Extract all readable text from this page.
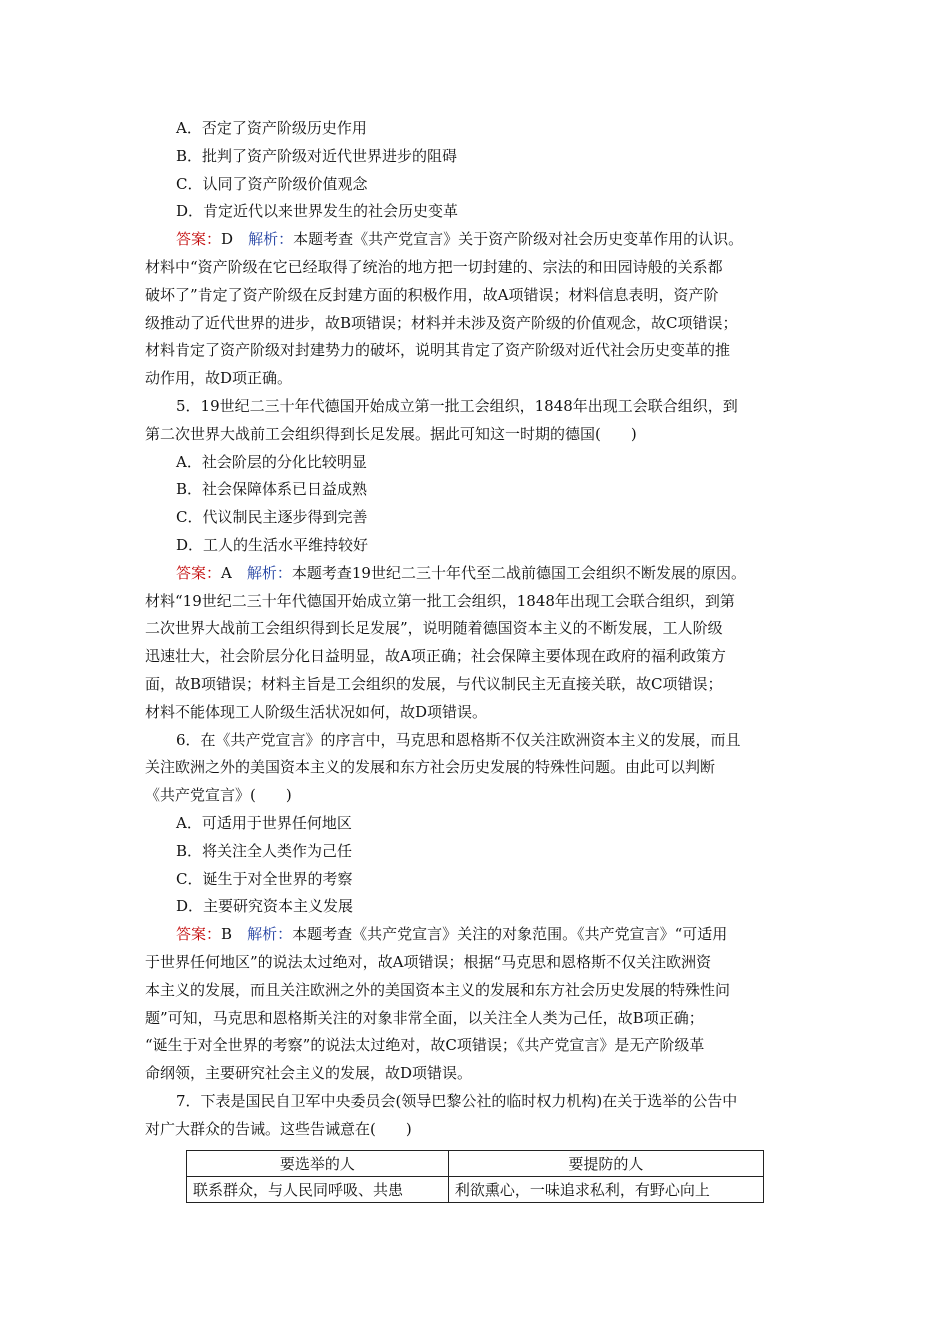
A．否定了资产阶级历史作用
B．批判了资产阶级对近代世界进步的阻碍
C．认同了资产阶级价值观念
D．肯定近代以来世界发生的社会历史变革
答案：D　 解析：本题考查《共产党宣言》关于资产阶级对社会历史变革作用的认识。
材料中“资产阶级在它已经取得了统治的地方把一切封建的、宗法的和田园诗般的关系都
破坏了”肯定了资产阶级在反封建方面的积极作用，故A项错误；材料信息表明，资产阶
级推动了近代世界的进步，故B项错误；材料并未涉及资产阶级的价值观念，故C项错误；
材料肯定了资产阶级对封建势力的破坏，说明其肯定了资产阶级对近代社会历史变革的推
动作用，故D项正确。
5．19世纪二三十年代德国开始成立第一批工会组织，1848年出现工会联合组织，到
第二次世界大战前工会组织得到长足发展。据此可知这一时期的德国(　　)
A．社会阶层的分化比较明显
B．社会保障体系已日益成熟
C．代议制民主逐步得到完善
D．工人的生活水平维持较好
答案：A　 解析：本题考查19世纪二三十年代至二战前德国工会组织不断发展的原因。
材料“19世纪二三十年代德国开始成立第一批工会组织，1848年出现工会联合组织，到第
二次世界大战前工会组织得到长足发展”，说明随着德国资本主义的不断发展，工人阶级
迅速壮大，社会阶层分化日益明显，故A项正确；社会保障主要体现在政府的福利政策方
面，故B项错误；材料主旨是工会组织的发展，与代议制民主无直接关联，故C项错误；
材料不能体现工人阶级生活状况如何，故D项错误。
6．在《共产党宣言》的序言中，马克思和恩格斯不仅关注欧洲资本主义的发展，而且
关注欧洲之外的美国资本主义的发展和东方社会历史发展的特殊性问题。由此可以判断
《共产党宣言》(　　)
A．可适用于世界任何地区
B．将关注全人类作为己任
C．诞生于对全世界的考察
D．主要研究资本主义发展
答案：B　 解析：本题考查《共产党宣言》关注的对象范围。《共产党宣言》“可适用
于世界任何地区”的说法太过绝对，故A项错误；根据“马克思和恩格斯不仅关注欧洲资
本主义的发展，而且关注欧洲之外的美国资本主义的发展和东方社会历史发展的特殊性问
题”可知，马克思和恩格斯关注的对象非常全面，以关注全人类为己任，故B项正确；
“诞生于对全世界的考察”的说法太过绝对，故C项错误；《共产党宣言》是无产阶级革
命纲领，主要研究社会主义的发展，故D项错误。
7．下表是国民自卫军中央委员会(领导巴黎公社的临时权力机构)在关于选举的公告中
对广大群众的告诫。这些告诫意在(　　)
要选举的人	要提防的人
联系群众，与人民同呼吸、共患	利欲熏心，一味追求私利，有野心向上
